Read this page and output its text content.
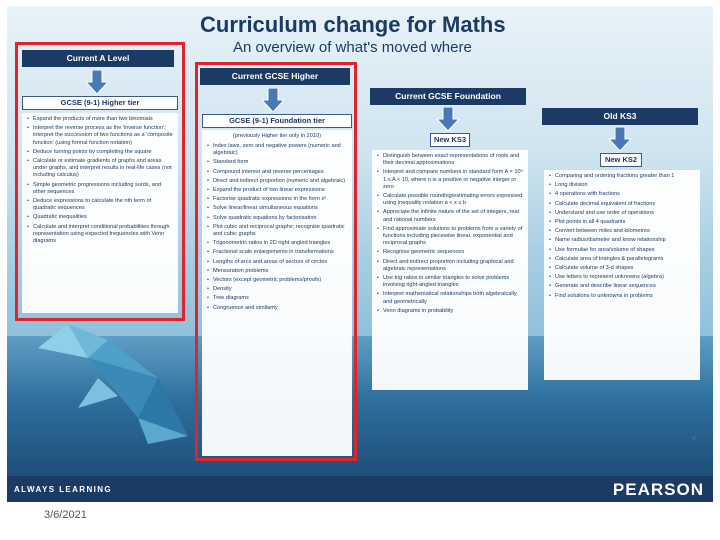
Curriculum change for Maths
An overview of what's moved where
Current A Level
GCSE (9-1) Higher tier
• Expand the products of more than two binomials
• Interpret the reverse process as the 'inverse function'; interpret the succession of two functions as a 'composite function' (using formal function notation)
• Deduce turning points by completing the square
• Calculate or estimate gradients of graphs and areas under graphs, and interpret results in real-life cases (not including calculus)
• Simple geometric progressions including surds, and other sequences
• Deduce expressions to calculate the nth term of quadratic sequences
• Quadratic inequalities
• Calculate and interpret conditional probabilities through representation using expected frequencies with Venn diagrams
Current GCSE Higher
GCSE (9-1) Foundation tier
(previously Higher tier only in 2010)
• Index laws, zero and negative powers (numeric and algebraic)
• Standard form
• Compound interest and reverse percentages
• Direct and indirect proportion (numeric and algebraic)
• Expand the product of two linear expressions
• Factorise quadratic expressions in the form x²
• Solve linear/linear simultaneous equations
• Solve quadratic equations by factorisation
• Plot cubic and reciprocal graphs; recognise quadratic and cubic graphs
• Trigonometric ratios in 2D right angled triangles
• Fractional scale enlargements in transformations
• Lengths of arcs and areas of sectors of circles
• Mensuration problems
• Vectors (except geometric problems/proofs)
• Density
• Tree diagrams
• Congruence and similarity
Current GCSE Foundation
New KS3
• Distinguish between exact representations of roots and their decimal approximations
• Interpret and compare numbers in standard form A × 10ⁿ 1 ≤ A < 10, where n is a positive or negative integer or zero
• Calculate possible rounding/estimating errors expressed using inequality notation a < x ≤ b
• Appreciate the infinite nature of the set of integers, real and rational numbers
• Find approximate solutions to problems from a variety of functions including piecewise linear, exponential and reciprocal graphs
• Recognise geometric sequences
• Direct and indirect proportion including graphical and algebraic representations
• Use trig ratios in similar triangles to solve problems involving right-angled triangles
• Interpret mathematical relationships both algebraically and geometrically
• Venn diagrams in probability
Old KS3
New KS2
• Comparing and ordering fractions greater than 1
• Long division
• 4 operations with fractions
• Calculate decimal equivalent of fractions
• Understand and use order of operations
• Plot points in all 4 quadrants
• Convert between miles and kilometres
• Name radius/diameter and know relationship
• Use formulae for area/volume of shapes
• Calculate area of triangles & parallelograms
• Calculate volume of 3-d shapes
• Use letters to represent unknowns (algebra)
• Generate and describe linear sequences
• Find solutions to unknowns in problems
© ...
ALWAYS LEARNING	PEARSON
3/6/2021
